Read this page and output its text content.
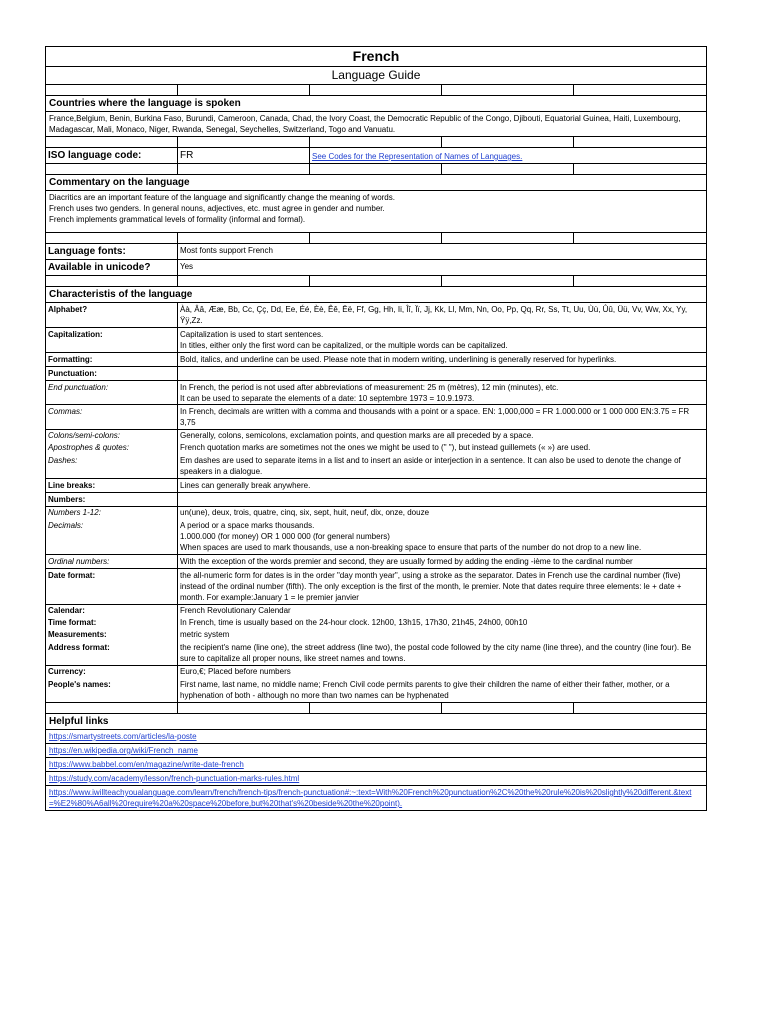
French
Language Guide
Countries where the language is spoken
France,Belgium, Benin, Burkina Faso, Burundi, Cameroon, Canada, Chad, the Ivory Coast, the Democratic Republic of the Congo, Djibouti, Equatorial Guinea, Haiti, Luxembourg, Madagascar, Mali, Monaco, Niger, Rwanda, Senegal, Seychelles, Switzerland, Togo and Vanuatu.
ISO language code:	FR	See Codes for the Representation of Names of Languages.
Commentary on the language
Diacritics are an important feature of the language and significantly change the meaning of words.
French uses two genders. In general nouns, adjectives, etc. must agree in gender and number.
French implements grammatical levels of formality (informal and formal).
Language fonts:	Most fonts support French
Available in unicode?	Yes
Characteristis of the language
Alphabet?	Àà, Ââ, Ææ, Bb, Cc, Çç, Dd, Ee, Éé, Èè, Êê, Ëë, Ff, Gg, Hh, Ii, Îî, Ïï, Jj, Kk, Ll, Mm, Nn, Oo, Pp, Qq, Rr, Ss, Tt, Uu, Ùù, Ûû, Üü, Vv, Ww, Xx, Yy, Ÿÿ,Zz.
Capitalization:	Capitalization is used to start sentences.
In titles, either only the first word can be capitalized, or the multiple words can be capitalized.
Formatting:	Bold, italics, and underline can be used. Please note that in modern writing, underlining is generally reserved for hyperlinks.
Punctuation:
End punctuation:	In French, the period is not used after abbreviations of measurement: 25 m (mètres), 12 min (minutes), etc.
It can be used to separate the elements of a date: 10 septembre 1973 = 10.9.1973.
Commas:	In French, decimals are written with a comma and thousands with a point or a space. EN: 1,000,000 = FR 1.000.000 or 1 000 000 EN:3.75 = FR 3,75
Colons/semi-colons:	Generally, colons, semicolons, exclamation points, and question marks are all preceded by a space.
Apostrophes & quotes:	French quotation marks are sometimes not the ones we might be used to (" "), but instead guillemets (« ») are used.
Dashes:	Em dashes are used to separate items in a list and to insert an aside or interjection in a sentence. It can also be used to denote the change of speakers in a dialogue.
Line breaks:	Lines can generally break anywhere.
Numbers:
Numbers 1-12:	un(une), deux, trois, quatre, cinq, six, sept, huit, neuf, dix, onze, douze
Decimals:	A period or a space marks thousands.
1.000.000 (for money) OR 1 000 000 (for general numbers)
When spaces are used to mark thousands, use a non-breaking space to ensure that parts of the number do not drop to a new line.
Ordinal numbers:	With the exception of the words premier and second, they are usually formed by adding the ending -ième to the cardinal number
Date format:	the all-numeric form for dates is in the order "day month year", using a stroke as the separator. Dates in French use the cardinal number (five) instead of the ordinal number (fifth). The only exception is the first of the month, le premier. Note that dates require three elements: le + date + month. For example:January 1 = le premier janvier
Calendar:	French Revolutionary Calendar
Time format:	In French, time is usually based on the 24-hour clock. 12h00, 13h15, 17h30, 21h45, 24h00, 00h10
Measurements:	metric system
Address format:	the recipient's name (line one), the street address (line two), the postal code followed by the city name (line three), and the country (line four). Be sure to capitalize all proper nouns, like street names and towns.
Currency:	Euro,€; Placed before numbers
People's names:	First name, last name, no middle name; French Civil code permits parents to give their children the name of either their father, mother, or a hyphenation of both - although no more than two names can be hyphenated
Helpful links
https://smartystreets.com/articles/la-poste
https://en.wikipedia.org/wiki/French_name
https://www.babbel.com/en/magazine/write-date-french
https://study.com/academy/lesson/french-punctuation-marks-rules.html
https://www.iwillteachyoualanguage.com/learn/french/french-tips/french-punctuation#:~:text=With%20French%20punctuation%2C%20the%20rule%20is%20slightly%20different.&text=%E2%80%A6all%20require%20a%20space%20before,but%20that's%20beside%20the%20point).
